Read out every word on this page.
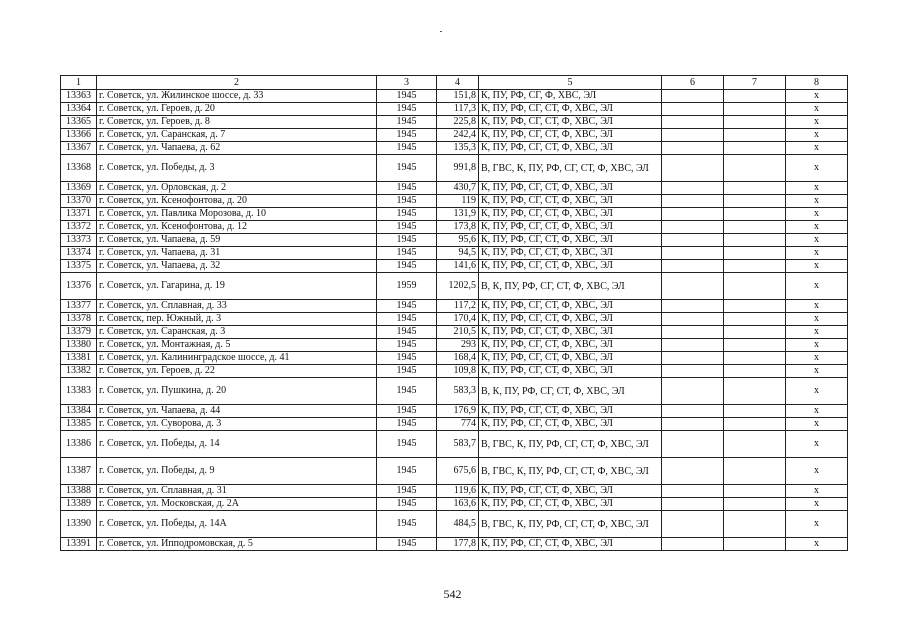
1	2	3	4	5	6	7	8
13363	г. Советск, ул. Жилинское шоссе, д. 33	1945	151,8	К, ПУ, РФ, СГ, Ф, ХВС, ЭЛ			x
13364	г. Советск, ул. Героев, д. 20	1945	117,3	К, ПУ, РФ, СГ, СТ, Ф, ХВС, ЭЛ			x
13365	г. Советск, ул. Героев, д. 8	1945	225,8	К, ПУ, РФ, СГ, СТ, Ф, ХВС, ЭЛ			x
13366	г. Советск, ул. Саранская, д. 7	1945	242,4	К, ПУ, РФ, СГ, СТ, Ф, ХВС, ЭЛ			x
13367	г. Советск, ул. Чапаева, д. 62	1945	135,3	К, ПУ, РФ, СГ, СТ, Ф, ХВС, ЭЛ			x
13368	г. Советск, ул. Победы, д. 3	1945	991,8	В, ГВС, К, ПУ, РФ, СГ, СТ, Ф, ХВС, ЭЛ			x
13369	г. Советск, ул. Орловская, д. 2	1945	430,7	К, ПУ, РФ, СГ, СТ, Ф, ХВС, ЭЛ			x
13370	г. Советск, ул. Ксенофонтова, д. 20	1945	119	К, ПУ, РФ, СГ, СТ, Ф, ХВС, ЭЛ			x
13371	г. Советск, ул. Павлика Морозова, д. 10	1945	131,9	К, ПУ, РФ, СГ, СТ, Ф, ХВС, ЭЛ			x
13372	г. Советск, ул. Ксенофонтова, д. 12	1945	173,8	К, ПУ, РФ, СГ, СТ, Ф, ХВС, ЭЛ			x
13373	г. Советск, ул. Чапаева, д. 59	1945	95,6	К, ПУ, РФ, СГ, СТ, Ф, ХВС, ЭЛ			x
13374	г. Советск, ул. Чапаева, д. 31	1945	94,5	К, ПУ, РФ, СГ, СТ, Ф, ХВС, ЭЛ			x
13375	г. Советск, ул. Чапаева, д. 32	1945	141,6	К, ПУ, РФ, СГ, СТ, Ф, ХВС, ЭЛ			x
13376	г. Советск, ул. Гагарина, д. 19	1959	1202,5	В, К, ПУ, РФ, СГ, СТ, Ф, ХВС, ЭЛ			x
13377	г. Советск, ул. Сплавная, д. 33	1945	117,2	К, ПУ, РФ, СГ, СТ, Ф, ХВС, ЭЛ			x
13378	г. Советск, пер. Южный, д. 3	1945	170,4	К, ПУ, РФ, СГ, СТ, Ф, ХВС, ЭЛ			x
13379	г. Советск, ул. Саранская, д. 3	1945	210,5	К, ПУ, РФ, СГ, СТ, Ф, ХВС, ЭЛ			x
13380	г. Советск, ул. Монтажная, д. 5	1945	293	К, ПУ, РФ, СГ, СТ, Ф, ХВС, ЭЛ			x
13381	г. Советск, ул. Калининградское шоссе, д. 41	1945	168,4	К, ПУ, РФ, СГ, СТ, Ф, ХВС, ЭЛ			x
13382	г. Советск, ул. Героев, д. 22	1945	109,8	К, ПУ, РФ, СГ, СТ, Ф, ХВС, ЭЛ			x
13383	г. Советск, ул. Пушкина, д. 20	1945	583,3	В, К, ПУ, РФ, СГ, СТ, Ф, ХВС, ЭЛ			x
13384	г. Советск, ул. Чапаева, д. 44	1945	176,9	К, ПУ, РФ, СГ, СТ, Ф, ХВС, ЭЛ			x
13385	г. Советск, ул. Суворова, д. 3	1945	774	К, ПУ, РФ, СГ, СТ, Ф, ХВС, ЭЛ			x
13386	г. Советск, ул. Победы, д. 14	1945	583,7	В, ГВС, К, ПУ, РФ, СГ, СТ, Ф, ХВС, ЭЛ			x
13387	г. Советск, ул. Победы, д. 9	1945	675,6	В, ГВС, К, ПУ, РФ, СГ, СТ, Ф, ХВС, ЭЛ			x
13388	г. Советск, ул. Сплавная, д. 31	1945	119,6	К, ПУ, РФ, СГ, СТ, Ф, ХВС, ЭЛ			x
13389	г. Советск, ул. Московская, д. 2А	1945	163,6	К, ПУ, РФ, СГ, СТ, Ф, ХВС, ЭЛ			x
13390	г. Советск, ул. Победы, д. 14А	1945	484,5	В, ГВС, К, ПУ, РФ, СГ, СТ, Ф, ХВС, ЭЛ			x
13391	г. Советск, ул. Ипподромовская, д. 5	1945	177,8	К, ПУ, РФ, СГ, СТ, Ф, ХВС, ЭЛ			x
542
